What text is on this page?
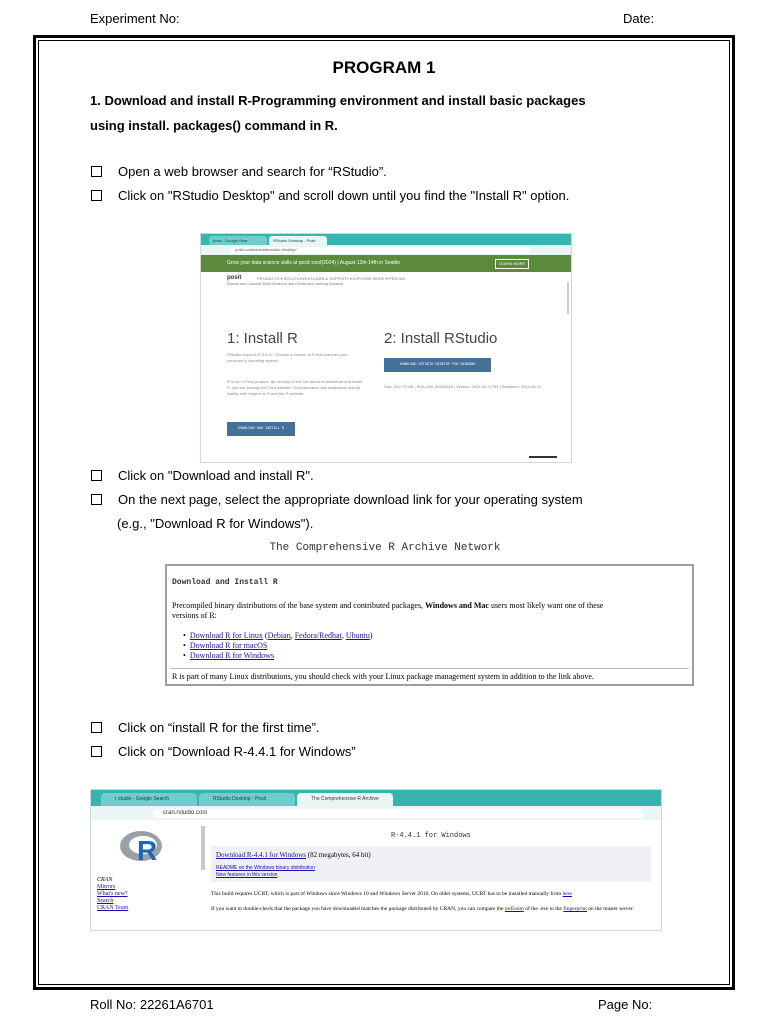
Experiment No:	Date:
PROGRAM 1
1. Download and install R-Programming environment and install basic packages
using install. packages() command in R.
Open a web browser and search for “RStudio”.
Click on "RStudio Desktop" and scroll down until you find the "Install R" option.
posit - Google Sear	RStudio Desktop - Posit
posit.co/download/rstudio-desktop/
Grow your data science skills at posit::conf(2024) | August 12th-14th in Seattle	LEARN MORE
posit	PRODUCTS ▾ SOLUTIONS ▾ LEARN & SUPPORT ▾ EXPLORE MORE ▾ PRICING
Experts and Customer Build Stories for and Debbie and Learning Solutions
1: Install R
RStudio requires R 3.6.0+. Choose a version of R that matches your computer's operating system.
R is not a Posit product. By clicking on the link below to download and install R, you are leaving the Posit website. Posit disclaims any obligations and all liability with respect to R and the R website.
DOWNLOAD AND INSTALL R
2: Install RStudio
DOWNLOAD RSTUDIO DESKTOP FOR WINDOWS
Size: 262.79 MB | SHA-256: 60526326 | Version: 2024.04.2+764 | Released: 2024-06-10
Click on "Download and install R".
On the next page, select the appropriate download link for your operating system
(e.g., "Download R for Windows").
The Comprehensive R Archive Network
Download and Install R
Precompiled binary distributions of the base system and contributed packages, Windows and Mac users most likely want one of these
versions of R:
•  Download R for Linux (Debian, Fedora/Redhat, Ubuntu)
•  Download R for macOS
•  Download R for Windows
R is part of many Linux distributions, you should check with your Linux package management system in addition to the link above.
Click on “install R for the first time”.
Click on “Download R-4.4.1 for Windows”
r studio - Google Search	RStudio Desktop - Posit	The Comprehensive R Archive
cran.rstudio.com
R
CRAN
Mirrors
What's new?
Search
CRAN Team
R-4.4.1 for Windows
Download R-4.4.1 for Windows (82 megabytes, 64 bit)
README on the Windows binary distribution
New features in this version
This build requires UCRT, which is part of Windows since Windows 10 and Windows Server 2016. On older systems, UCRT has to be installed manually from here
If you want to double-check that the package you have downloaded matches the package distributed by CRAN, you can compare the md5sum of the .exe to the fingerprint on the master server.
Roll No: 22261A6701	Page No:
